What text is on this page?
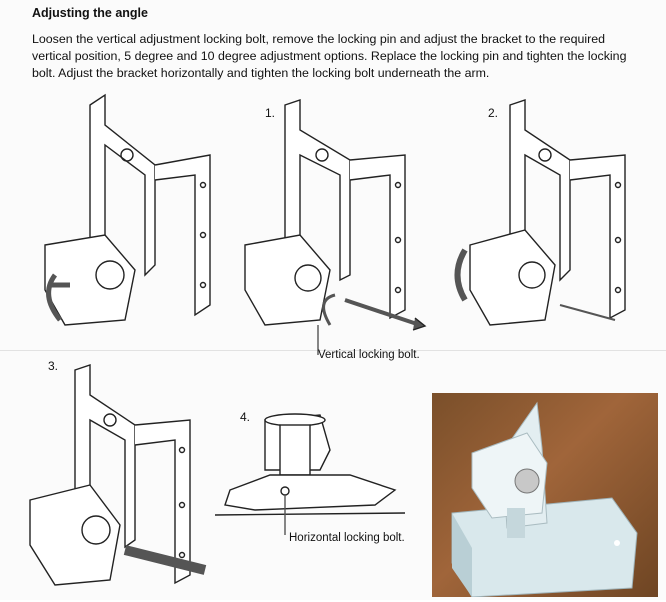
Adjusting the angle
Loosen the vertical adjustment locking bolt, remove the locking pin and adjust the bracket to the required vertical position, 5 degree and 10 degree adjustment options. Replace the locking pin and tighten the locking bolt. Adjust the bracket horizontally and tighten the locking bolt underneath the arm.
1.	2.
3.
4.
Vertical locking bolt.
Horizontal locking bolt.
